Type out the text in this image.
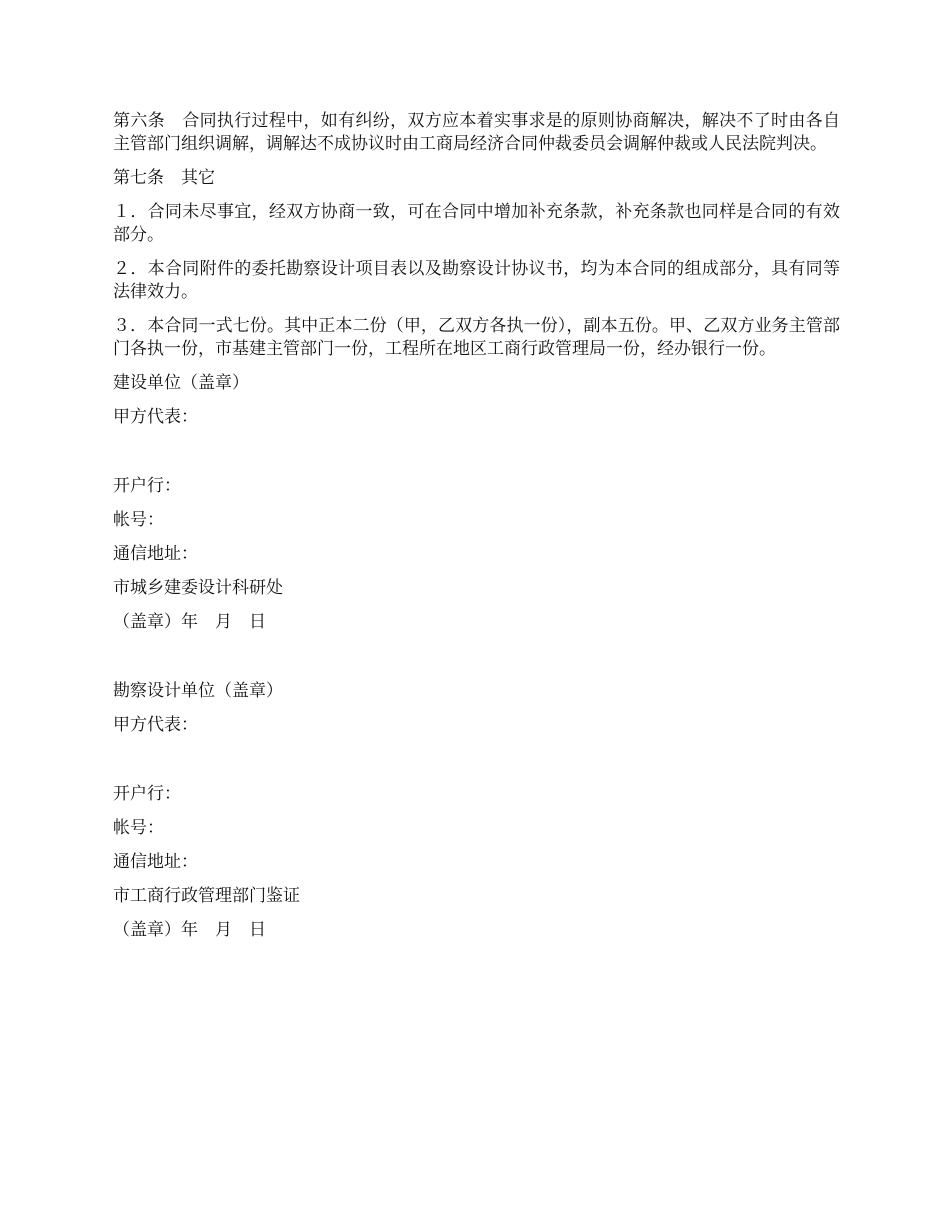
第六条　合同执行过程中，如有纠纷，双方应本着实事求是的原则协商解决，解决不了时由各自主管部门组织调解，调解达不成协议时由工商局经济合同仲裁委员会调解仲裁或人民法院判决。

第七条　其它

１．合同未尽事宜，经双方协商一致，可在合同中增加补充条款，补充条款也同样是合同的有效部分。

２．本合同附件的委托勘察设计项目表以及勘察设计协议书，均为本合同的组成部分，具有同等法律效力。

３．本合同一式七份。其中正本二份（甲，乙双方各执一份），副本五份。甲、乙双方业务主管部门各执一份，市基建主管部门一份，工程所在地区工商行政管理局一份，经办银行一份。

建设单位（盖章）

甲方代表：

开户行：

帐号：

通信地址：

市城乡建委设计科研处

（盖章）年　月　日

勘察设计单位（盖章）

甲方代表：

开户行：

帐号：

通信地址：

市工商行政管理部门鉴证

（盖章）年　月　日
